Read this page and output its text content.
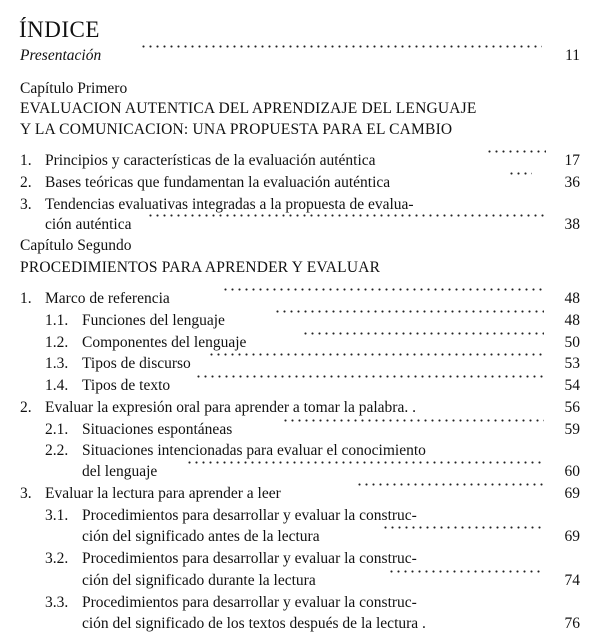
ÍNDICE
Presentación	11
Capítulo Primero
EVALUACION AUTENTICA DEL APRENDIZAJE DEL LENGUAJE
Y LA COMUNICACION: UNA PROPUESTA PARA EL CAMBIO
1. Principios y características de la evaluación auténtica	17
2. Bases teóricas que fundamentan la evaluación auténtica	36
3. Tendencias evaluativas integradas a la propuesta de evalua-
ción auténtica	38
Capítulo Segundo
PROCEDIMIENTOS PARA APRENDER Y EVALUAR
1. Marco de referencia	48
1.1. Funciones del lenguaje	48
1.2. Componentes del lenguaje	50
1.3. Tipos de discurso	53
1.4. Tipos de texto	54
2. Evaluar la expresión oral para aprender a tomar la palabra. .	56
2.1. Situaciones espontáneas	59
2.2. Situaciones intencionadas para evaluar el conocimiento
del lenguaje	60
3. Evaluar la lectura para aprender a leer	69
3.1. Procedimientos para desarrollar y evaluar la construc-
ción del significado antes de la lectura	69
3.2. Procedimientos para desarrollar y evaluar la construc-
ción del significado durante la lectura	74
3.3. Procedimientos para desarrollar y evaluar la construc-
ción del significado de los textos después de la lectura .	76
